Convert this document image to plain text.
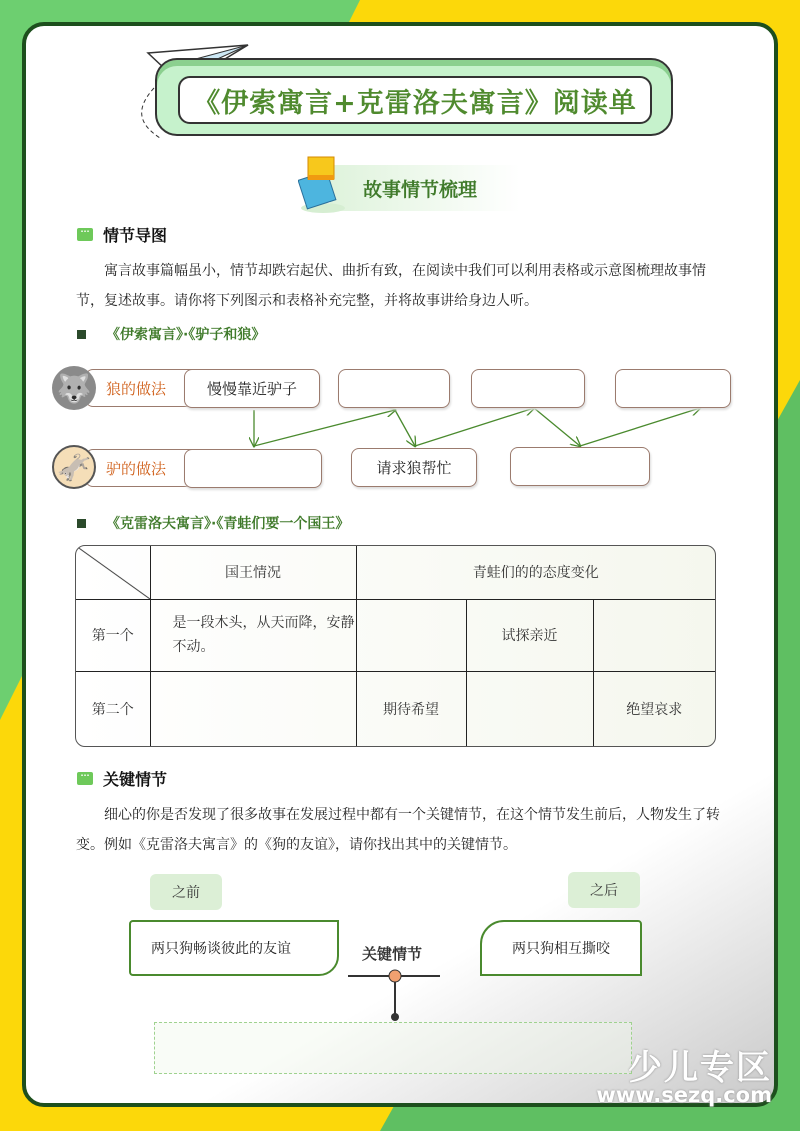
《伊索寓言+克雷洛夫寓言》阅读单
故事情节梳理
··· 情节导图

寓言故事篇幅虽小，情节却跌宕起伏、曲折有致，在阅读中我们可以利用表格或示意图梳理故事情节，复述故事。请你将下列图示和表格补充完整，并将故事讲给身边人听。

《伊索寓言》·《驴子和狼》
狼的做法
🐺	慢慢靠近驴子
驴的做法
🫏	请求狼帮忙
《克雷洛夫寓言》·《青蛙们要一个国王》
	国王情况	青蛙们的的态度变化		
第一个	是一段木头，从天而降，安静不动。		试探亲近	
第二个		期待希望		绝望哀求
··· 关键情节

细心的你是否发现了很多故事在发展过程中都有一个关键情节，在这个情节发生前后，人物发生了转变。例如《克雷洛夫寓言》的《狗的友谊》，请你找出其中的关键情节。

之前	之后
两只狗畅谈彼此的友谊	两只狗相互撕咬
关键情节
少儿专区
www.sezq.com
